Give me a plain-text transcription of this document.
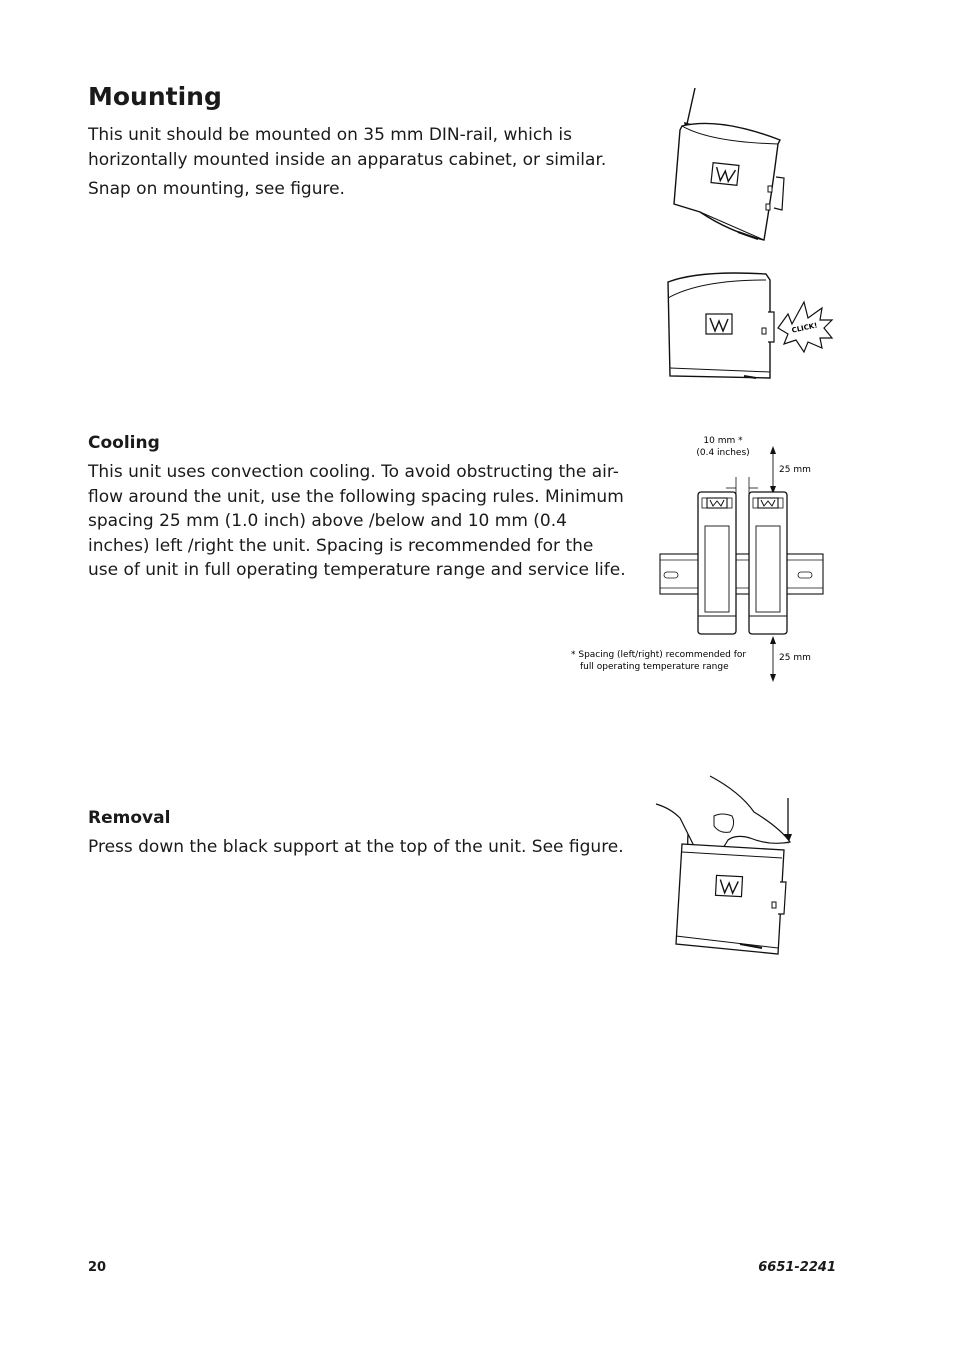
Mounting

This unit should be mounted on 35 mm DIN-rail, which is horizontally mounted inside an apparatus cabinet, or similar.

Snap on mounting, see figure.

CLICK!
Cooling

This unit uses convection cooling. To avoid obstructing the air-flow around the unit, use the following spacing rules. Minimum spacing 25 mm (1.0 inch) above /below and 10 mm (0.4 inches) left /right the unit. Spacing is recommended for the use of unit in full operating temperature range and service life.

10 mm *
(0.4 inches)
25 mm
25 mm
* Spacing (left/right) recommended for
full operating temperature range
Removal

Press down the black support at the top of the unit. See figure.

20	6651-2241
